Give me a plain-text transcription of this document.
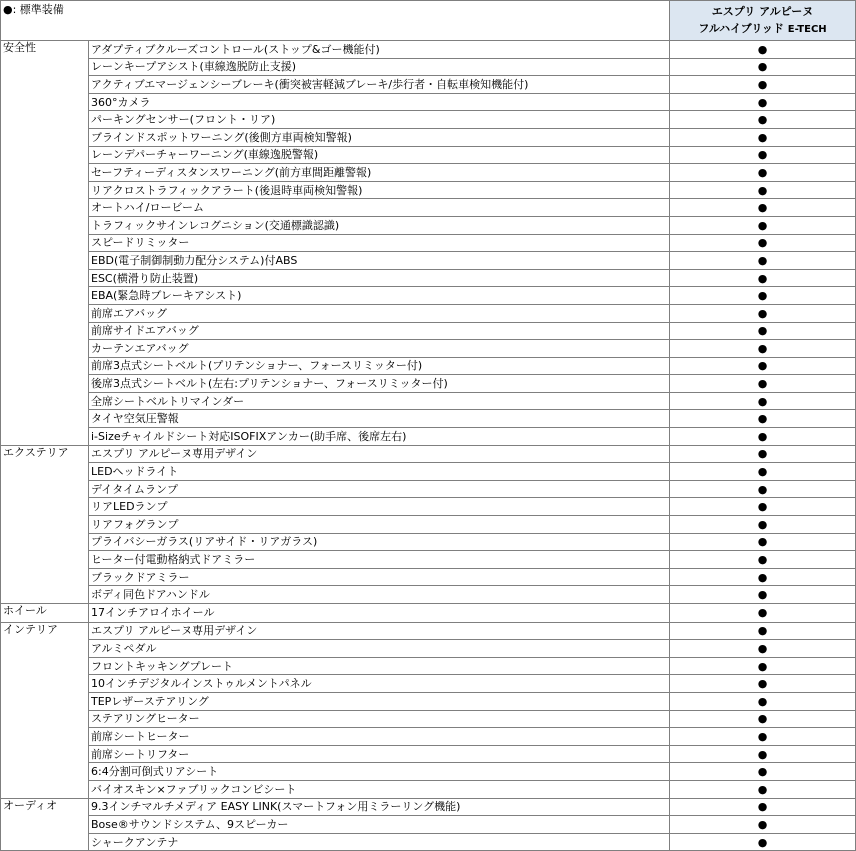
●: 標準装備		エスプリ アルピーヌ
フルハイブリッド E-TECH

安全性	アダプティブクルーズコントロール(ストップ&ゴー機能付)	●
	レーンキープアシスト(車線逸脱防止支援)	●
	アクティブエマージェンシーブレーキ(衝突被害軽減ブレーキ/歩行者・自転車検知機能付)	●
	360°カメラ	●
	パーキングセンサー(フロント・リア)	●
	ブラインドスポットワーニング(後側方車両検知警報)	●
	レーンデパーチャーワーニング(車線逸脱警報)	●
	セーフティーディスタンスワーニング(前方車間距離警報)	●
	リアクロストラフィックアラート(後退時車両検知警報)	●
	オートハイ/ロービーム	●
	トラフィックサインレコグニション(交通標識認識)	●
	スピードリミッター	●
	EBD(電子制御制動力配分システム)付ABS	●
	ESC(横滑り防止装置)	●
	EBA(緊急時ブレーキアシスト)	●
	前席エアバッグ	●
	前席サイドエアバッグ	●
	カーテンエアバッグ	●
	前席3点式シートベルト(プリテンショナー、フォースリミッター付)	●
	後席3点式シートベルト(左右:プリテンショナー、フォースリミッター付)	●
	全席シートベルトリマインダー	●
	タイヤ空気圧警報	●
	i-Sizeチャイルドシート対応ISOFIXアンカー(助手席、後席左右)	●
エクステリア	エスプリ アルピーヌ専用デザイン	●
	LEDヘッドライト	●
	デイタイムランプ	●
	リアLEDランプ	●
	リアフォグランプ	●
	プライバシーガラス(リアサイド・リアガラス)	●
	ヒーター付電動格納式ドアミラー	●
	ブラックドアミラー	●
	ボディ同色ドアハンドル	●
ホイール	17インチアロイホイール	●
インテリア	エスプリ アルピーヌ専用デザイン	●
	アルミペダル	●
	フロントキッキングプレート	●
	10インチデジタルインストゥルメントパネル	●
	TEPレザーステアリング	●
	ステアリングヒーター	●
	前席シートヒーター	●
	前席シートリフター	●
	6:4分割可倒式リアシート	●
	バイオスキン×ファブリックコンビシート	●
オーディオ	9.3インチマルチメディア EASY LINK(スマートフォン用ミラーリング機能)	●
	Bose®サウンドシステム、9スピーカー	●
	シャークアンテナ	●
